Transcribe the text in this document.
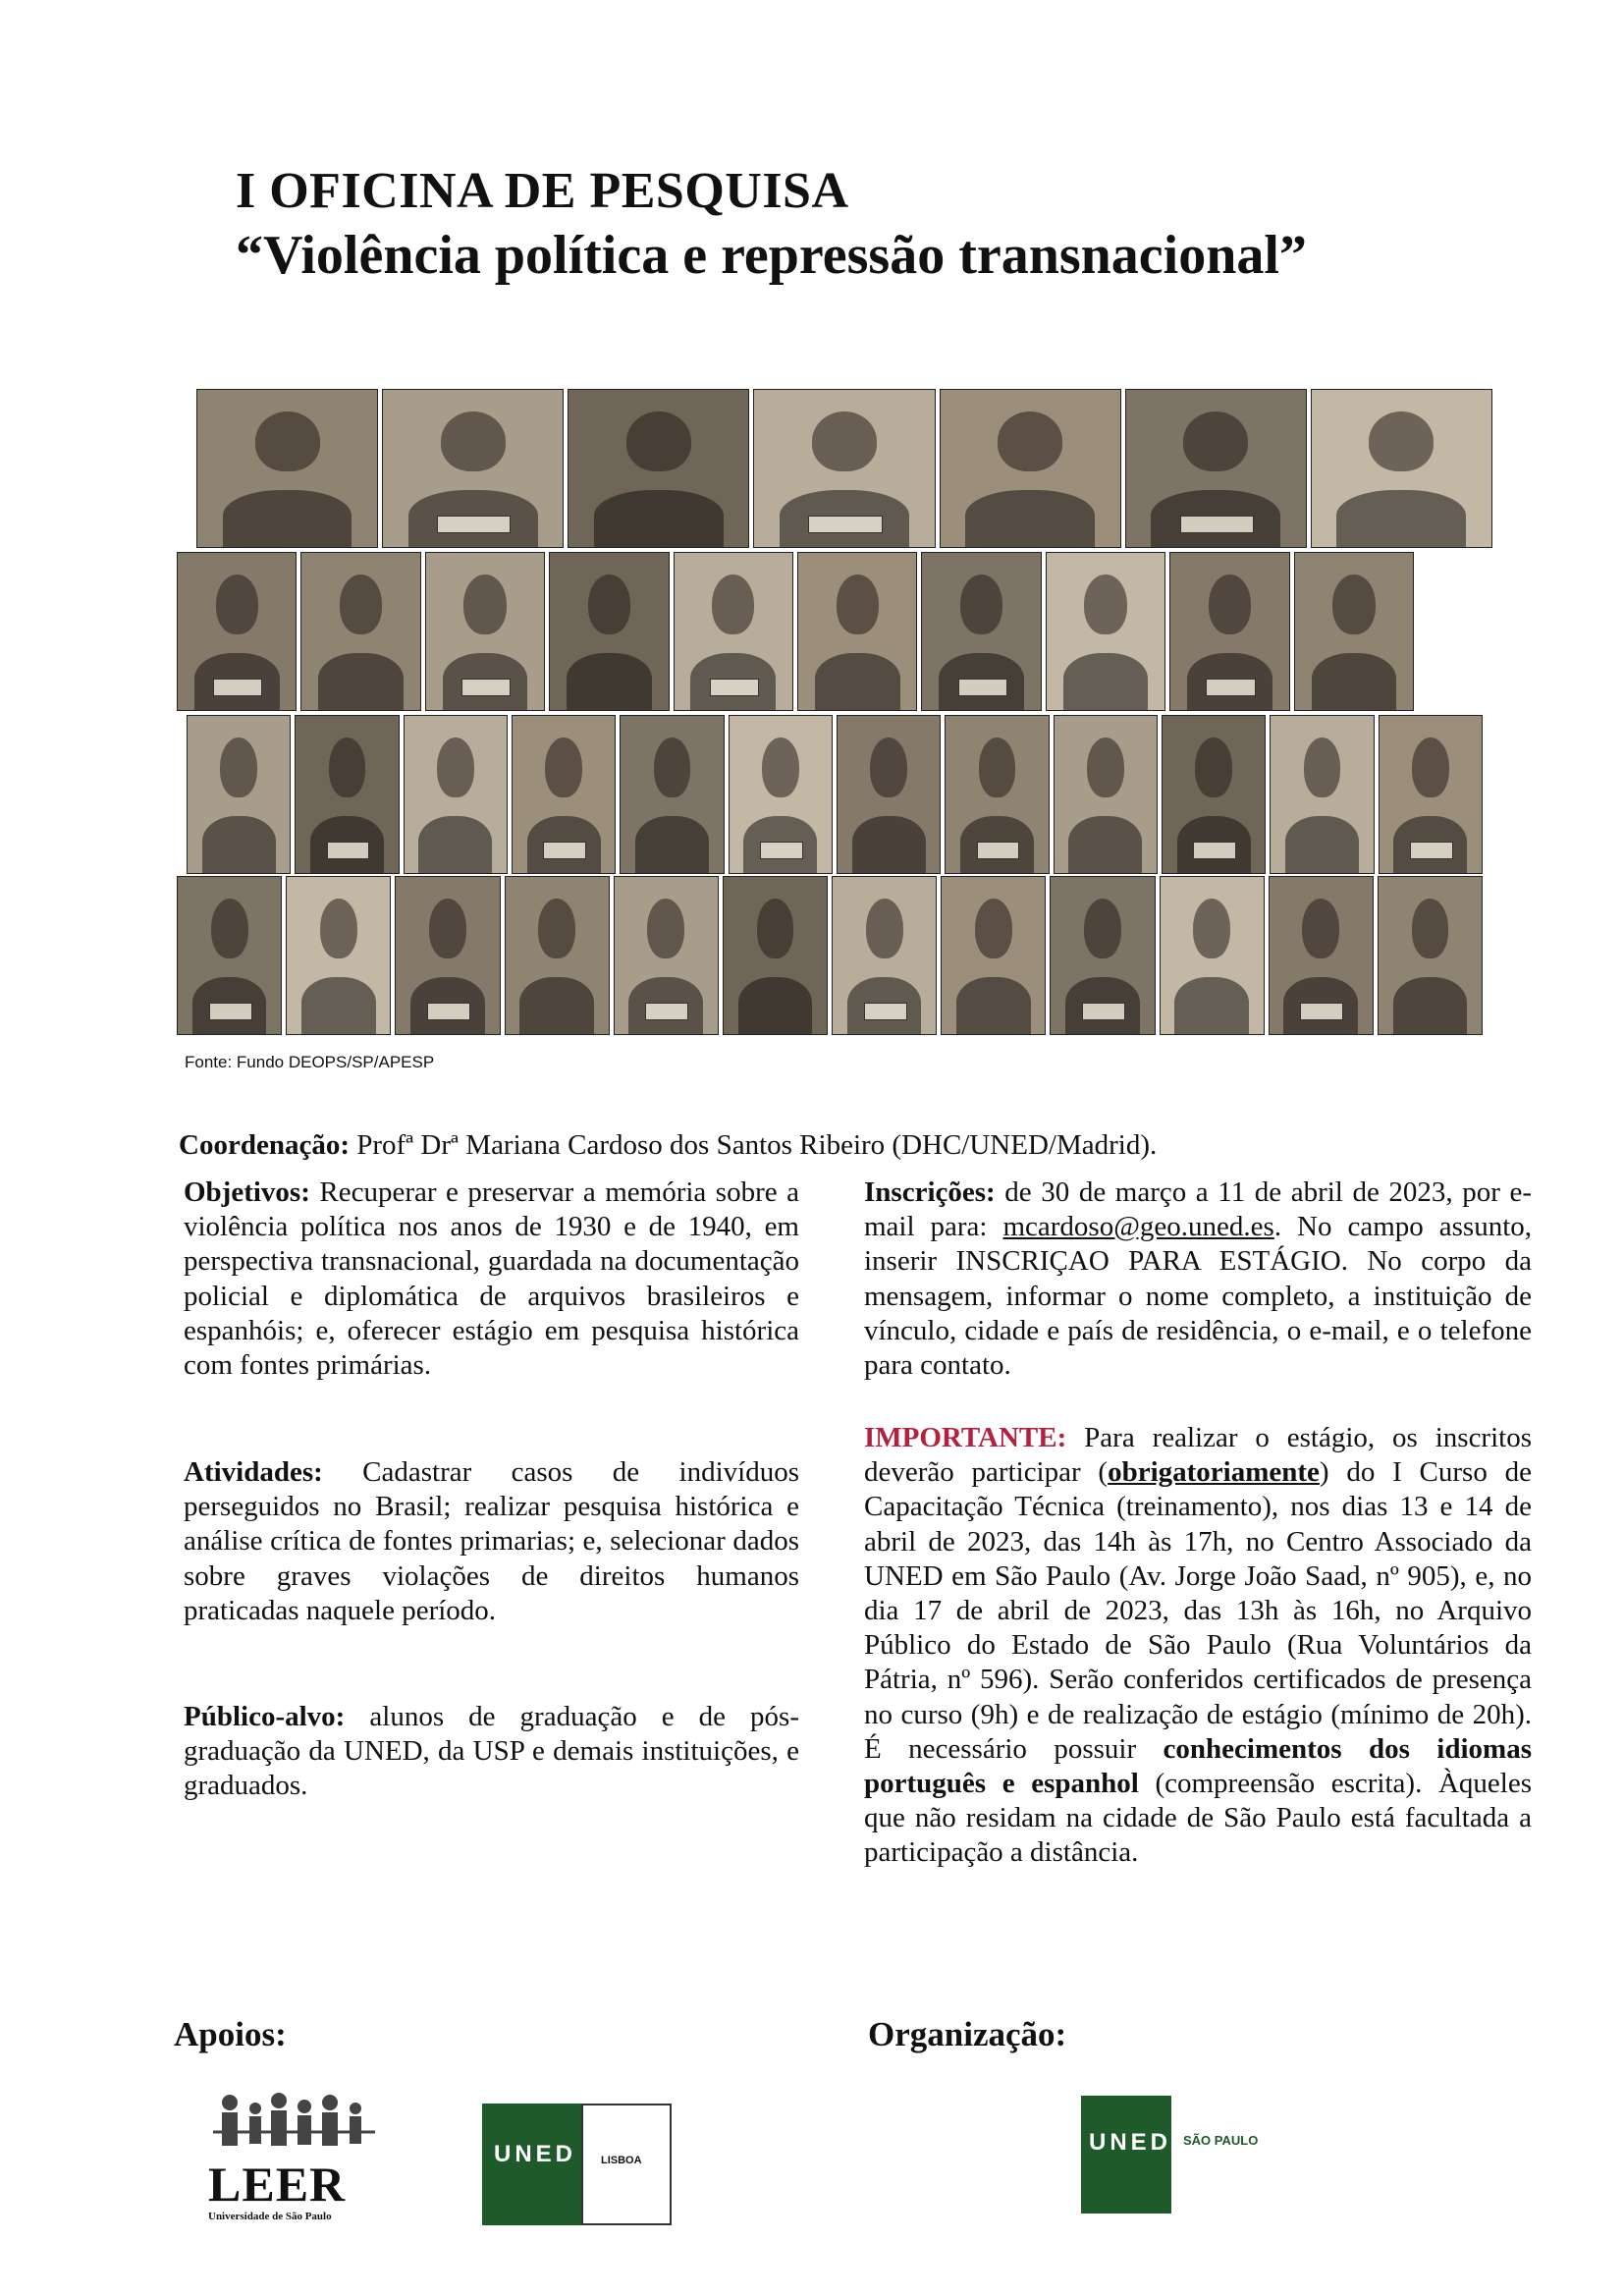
I OFICINA DE PESQUISA
“Violência política e repressão transnacional”
Fonte: Fundo DEOPS/SP/APESP
Coordenação: Profª Drª Mariana Cardoso dos Santos Ribeiro (DHC/UNED/Madrid).
Objetivos: Recuperar e preservar a memória sobre a violência política nos anos de 1930 e de 1940, em perspectiva transnacional, guardada na documentação policial e diplomática de arquivos brasileiros e espanhóis; e, oferecer estágio em pesquisa histórica com fontes primárias.
Atividades: Cadastrar casos de indivíduos perseguidos no Brasil; realizar pesquisa histórica e análise crítica de fontes primarias; e, selecionar dados sobre graves violações de direitos humanos praticadas naquele período.
Público-alvo: alunos de graduação e de pós-graduação da UNED, da USP e demais instituições, e graduados.
Inscrições: de 30 de março a 11 de abril de 2023, por e-mail para: mcardoso@geo.uned.es. No campo assunto, inserir INSCRIÇAO PARA ESTÁGIO. No corpo da mensagem, informar o nome completo, a instituição de vínculo, cidade e país de residência, o e-mail, e o telefone para contato.
IMPORTANTE: Para realizar o estágio, os inscritos deverão participar (obrigatoriamente) do I Curso de Capacitação Técnica (treinamento), nos dias 13 e 14 de abril de 2023, das 14h às 17h, no Centro Associado da UNED em São Paulo (Av. Jorge João Saad, nº 905), e, no dia 17 de abril de 2023, das 13h às 16h, no Arquivo Público do Estado de São Paulo (Rua Voluntários da Pátria, nº 596). Serão conferidos certificados de presença no curso (9h) e de realização de estágio (mínimo de 20h). É necessário possuir conhecimentos dos idiomas português e espanhol (compreensão escrita). Àqueles que não residam na cidade de São Paulo está facultada a participação a distância.
Apoios:	Organização:
LEER
Universidade de São Paulo
UNED LISBOA
UNED SÃO PAULO
